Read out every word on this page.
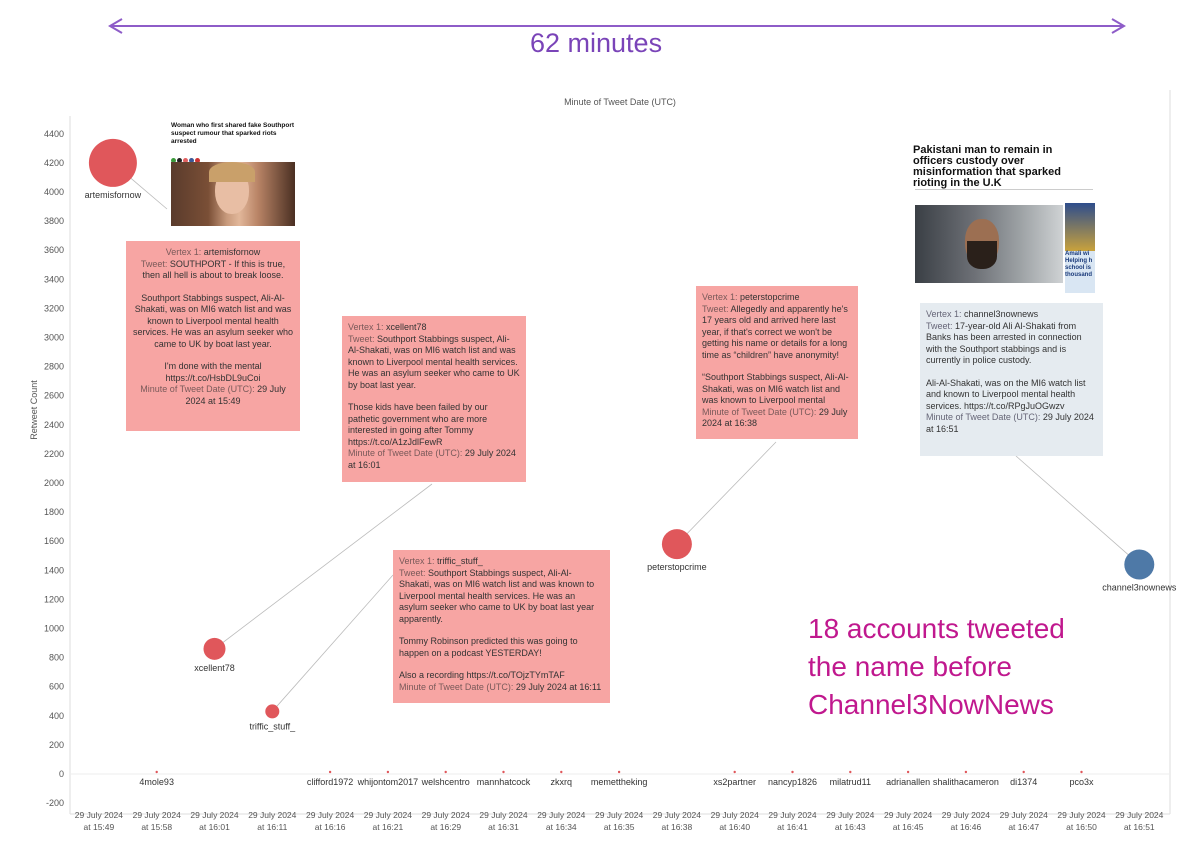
62 minutes
Minute of Tweet Date (UTC)
Retweet Count
-200
0
200
400
600
800
1000
1200
1400
1600
1800
2000
2200
2400
2600
2800
3000
3200
3400
3600
3800
4000
4200
4400
29 July 2024
at 15:49
29 July 2024
at 15:58
29 July 2024
at 16:01
29 July 2024
at 16:11
29 July 2024
at 16:16
29 July 2024
at 16:21
29 July 2024
at 16:29
29 July 2024
at 16:31
29 July 2024
at 16:34
29 July 2024
at 16:35
29 July 2024
at 16:38
29 July 2024
at 16:40
29 July 2024
at 16:41
29 July 2024
at 16:43
29 July 2024
at 16:45
29 July 2024
at 16:46
29 July 2024
at 16:47
29 July 2024
at 16:50
29 July 2024
at 16:51
4mole93	clifford1972 whijontom2017 welshcentro mannhatcock zkxrq memettheking	xs2partner nancyp1826 milatrud11 adrianallen shalithacameron di1374	pco3x
artemisfornow
xcellent78
triffic_stuff_
peterstopcrime
channel3nownews
Woman who first shared fake Southport suspect rumour that sparked riots arrested
Pakistani man to remain in officers custody over misinformation that sparked rioting in the U.K
Amali wi Helping h school is thousand
Vertex 1: artemisfornow
Tweet: SOUTHPORT - If this is true, then all hell is about to break loose.
Southport Stabbings suspect, Ali-Al-Shakati, was on MI6 watch list and was known to Liverpool mental health services. He was an asylum seeker who came to UK by boat last year.
I'm done with the mental https://t.co/HsbDL9uCoi
Minute of Tweet Date (UTC): 29 July 2024 at 15:49
Vertex 1: xcellent78
Tweet: Southport Stabbings suspect, Ali-Al-Shakati, was on MI6 watch list and was known to Liverpool mental health services. He was an asylum seeker who came to UK by boat last year.
Those kids have been failed by our pathetic government who are more interested in going after Tommy https://t.co/A1zJdlFewR
Minute of Tweet Date (UTC): 29 July 2024 at 16:01
Vertex 1: triffic_stuff_
Tweet: Southport Stabbings suspect, Ali-Al-Shakati, was on MI6 watch list and was known to Liverpool mental health services. He was an asylum seeker who came to UK by boat last year apparently.
Tommy Robinson predicted this was going to happen on a podcast YESTERDAY!
Also a recording https://t.co/TOjzTYmTAF
Minute of Tweet Date (UTC): 29 July 2024 at 16:11
Vertex 1: peterstopcrime
Tweet: Allegedly and apparently he's 17 years old and arrived here last year, if that's correct we won't be getting his name or details for a long time as “children” have anonymity!
“Southport Stabbings suspect, Ali-Al-Shakati, was on MI6 watch list and was known to Liverpool mental
Minute of Tweet Date (UTC): 29 July 2024 at 16:38
Vertex 1: channel3nownews
Tweet: 17-year-old Ali Al-Shakati from Banks has been arrested in connection with the Southport stabbings and is currently in police custody.
Ali-Al-Shakati, was on the MI6 watch list and known to Liverpool mental health services. https://t.co/RPgJuOGwzv
Minute of Tweet Date (UTC): 29 July 2024 at 16:51
18 accounts tweeted the name before Channel3NowNews
